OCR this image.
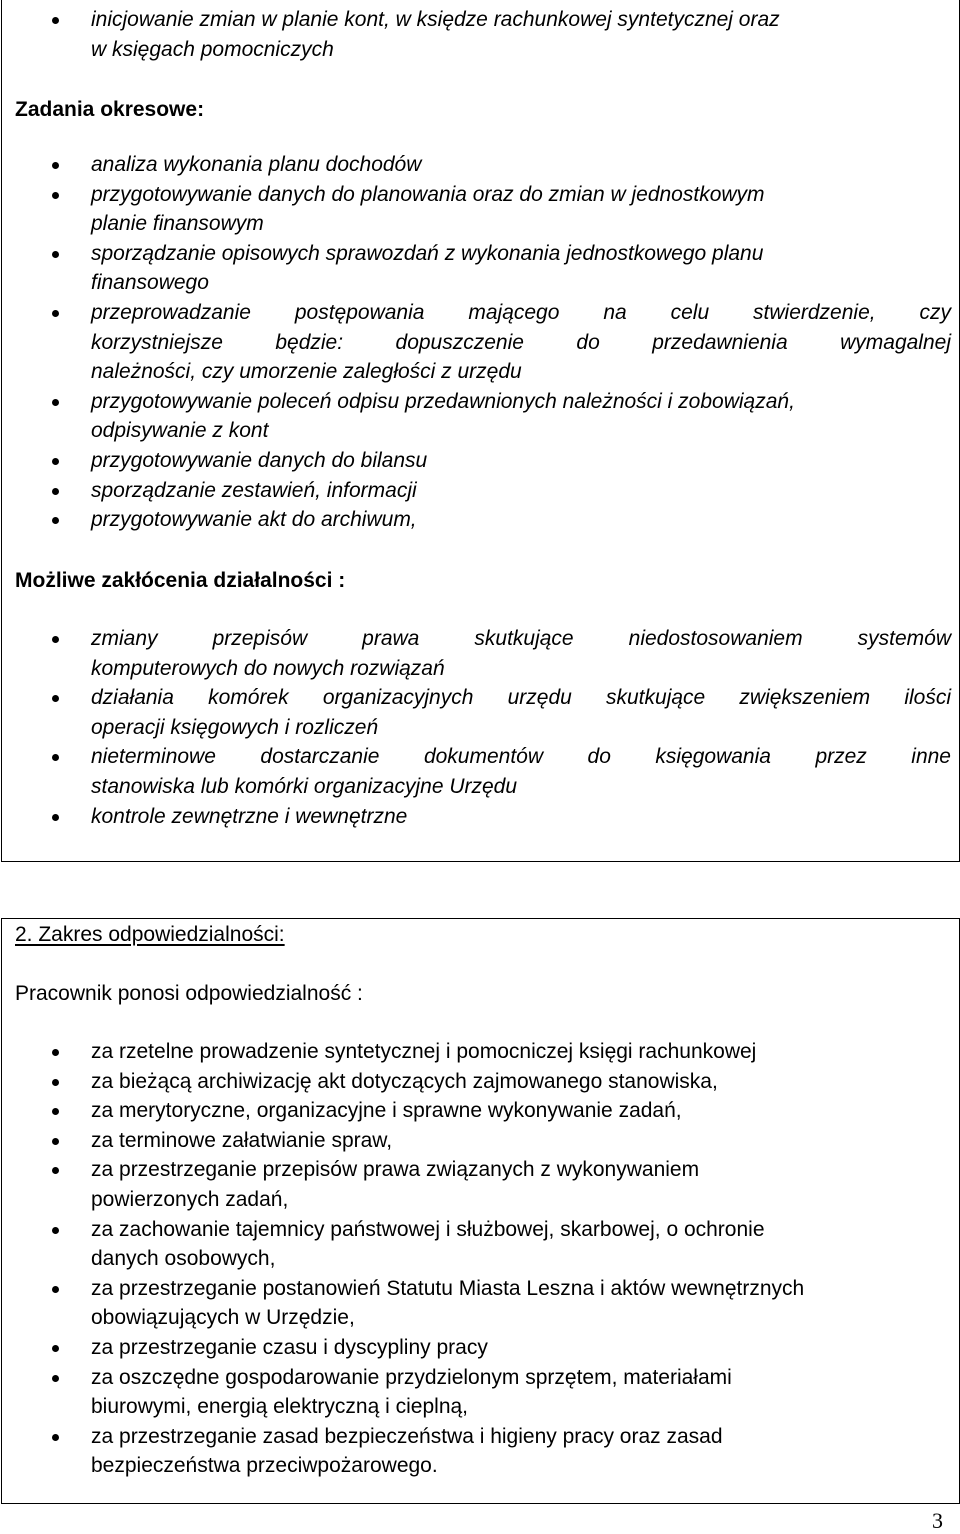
inicjowanie zmian w planie kont, w księdze rachunkowej syntetycznej oraz
w księgach pomocniczych
Zadania okresowe:
analiza wykonania planu dochodów
przygotowywanie danych do planowania oraz do zmian w jednostkowym
planie finansowym
sporządzanie opisowych sprawozdań z wykonania jednostkowego planu
finansowego
przeprowadzanie postępowania mającego na celu stwierdzenie, czy
korzystniejsze będzie: dopuszczenie do przedawnienia wymagalnej
należności, czy umorzenie zaległości z urzędu
przygotowywanie poleceń odpisu przedawnionych należności i zobowiązań,
odpisywanie z kont
przygotowywanie danych do bilansu
sporządzanie zestawień, informacji
przygotowywanie akt do archiwum,
Możliwe zakłócenia działalności :
zmiany przepisów prawa skutkujące niedostosowaniem systemów
komputerowych do nowych rozwiązań
działania komórek organizacyjnych urzędu skutkujące zwiększeniem ilości
operacji księgowych i rozliczeń
nieterminowe dostarczanie dokumentów do księgowania przez inne
stanowiska lub komórki organizacyjne Urzędu
kontrole zewnętrzne i wewnętrzne
2. Zakres odpowiedzialności:
Pracownik ponosi odpowiedzialność :
za rzetelne prowadzenie syntetycznej i pomocniczej księgi rachunkowej
za bieżącą archiwizację akt dotyczących zajmowanego stanowiska,
za merytoryczne, organizacyjne i sprawne wykonywanie zadań,
za terminowe załatwianie spraw,
za przestrzeganie przepisów prawa związanych z wykonywaniem
powierzonych zadań,
za zachowanie tajemnicy państwowej i służbowej, skarbowej, o ochronie
danych osobowych,
za przestrzeganie postanowień Statutu Miasta Leszna i aktów wewnętrznych
obowiązujących w Urzędzie,
za przestrzeganie czasu i dyscypliny pracy
za oszczędne gospodarowanie przydzielonym sprzętem, materiałami
biurowymi, energią elektryczną i cieplną,
za przestrzeganie zasad bezpieczeństwa i higieny pracy oraz zasad
bezpieczeństwa przeciwpożarowego.
3
